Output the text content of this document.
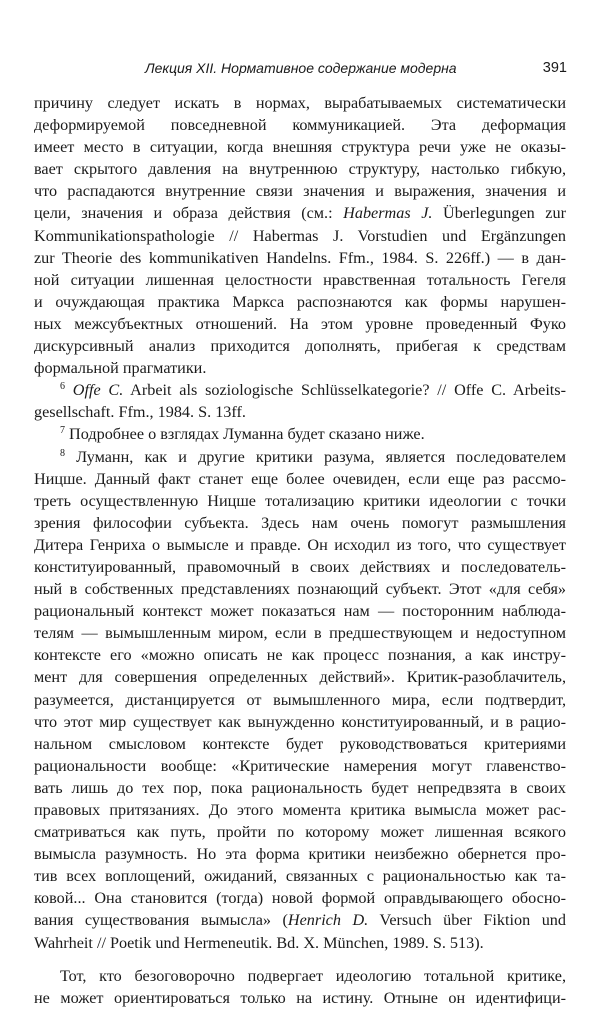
Лекция XII. Нормативное содержание модерна	391
причину следует искать в нормах, вырабатываемых систематически
деформируемой повседневной коммуникацией. Эта деформация
имеет место в ситуации, когда внешняя структура речи уже не оказы-
вает скрытого давления на внутреннюю структуру, настолько гибкую,
что распадаются внутренние связи значения и выражения, значения и
цели, значения и образа действия (см.: Habermas J. Überlegungen zur
Kommunikationspathologie // Habermas J. Vorstudien und Ergänzungen
zur Theorie des kommunikativen Handelns. Ffm., 1984. S. 226ff.) — в дан-
ной ситуации лишенная целостности нравственная тотальность Гегеля
и очуждающая практика Маркса распознаются как формы нарушен-
ных межсубъектных отношений. На этом уровне проведенный Фуко
дискурсивный анализ приходится дополнять, прибегая к средствам
формальной прагматики.
$^6$ Offe C. Arbeit als soziologische Schlüsselkategorie? // Offe C. Arbeits-
gesellschaft. Ffm., 1984. S. 13ff.
$^7$ Подробнее о взглядах Луманна будет сказано ниже.
$^8$ Луманн, как и другие критики разума, является последователем
Ницше. Данный факт станет еще более очевиден, если еще раз рассмо-
треть осуществленную Ницше тотализацию критики идеологии с точки
зрения философии субъекта. Здесь нам очень помогут размышления
Дитера Генриха о вымысле и правде. Он исходил из того, что существует
конституированный, правомочный в своих действиях и последователь-
ный в собственных представлениях познающий субъект. Этот «для себя»
рациональный контекст может показаться нам — посторонним наблюда-
телям — вымышленным миром, если в предшествующем и недоступном
контексте его «можно описать не как процесс познания, а как инстру-
мент для совершения определенных действий». Критик-разоблачитель,
разумеется, дистанцируется от вымышленного мира, если подтвердит,
что этот мир существует как вынужденно конституированный, и в рацио-
нальном смысловом контексте будет руководствоваться критериями
рациональности вообще: «Критические намерения могут главенство-
вать лишь до тех пор, пока рациональность будет непредвзята в своих
правовых притязаниях. До этого момента критика вымысла может рас-
сматриваться как путь, пройти по которому может лишенная всякого
вымысла разумность. Но эта форма критики неизбежно обернется про-
тив всех воплощений, ожиданий, связанных с рациональностью как та-
ковой... Она становится (тогда) новой формой оправдывающего обосно-
вания существования вымысла» (Henrich D. Versuch über Fiktion und
Wahrheit // Poetik und Hermeneutik. Bd. X. München, 1989. S. 513).
Тот, кто безоговорочно подвергает идеологию тотальной критике,
не может ориентироваться только на истину. Отныне он идентифици-
